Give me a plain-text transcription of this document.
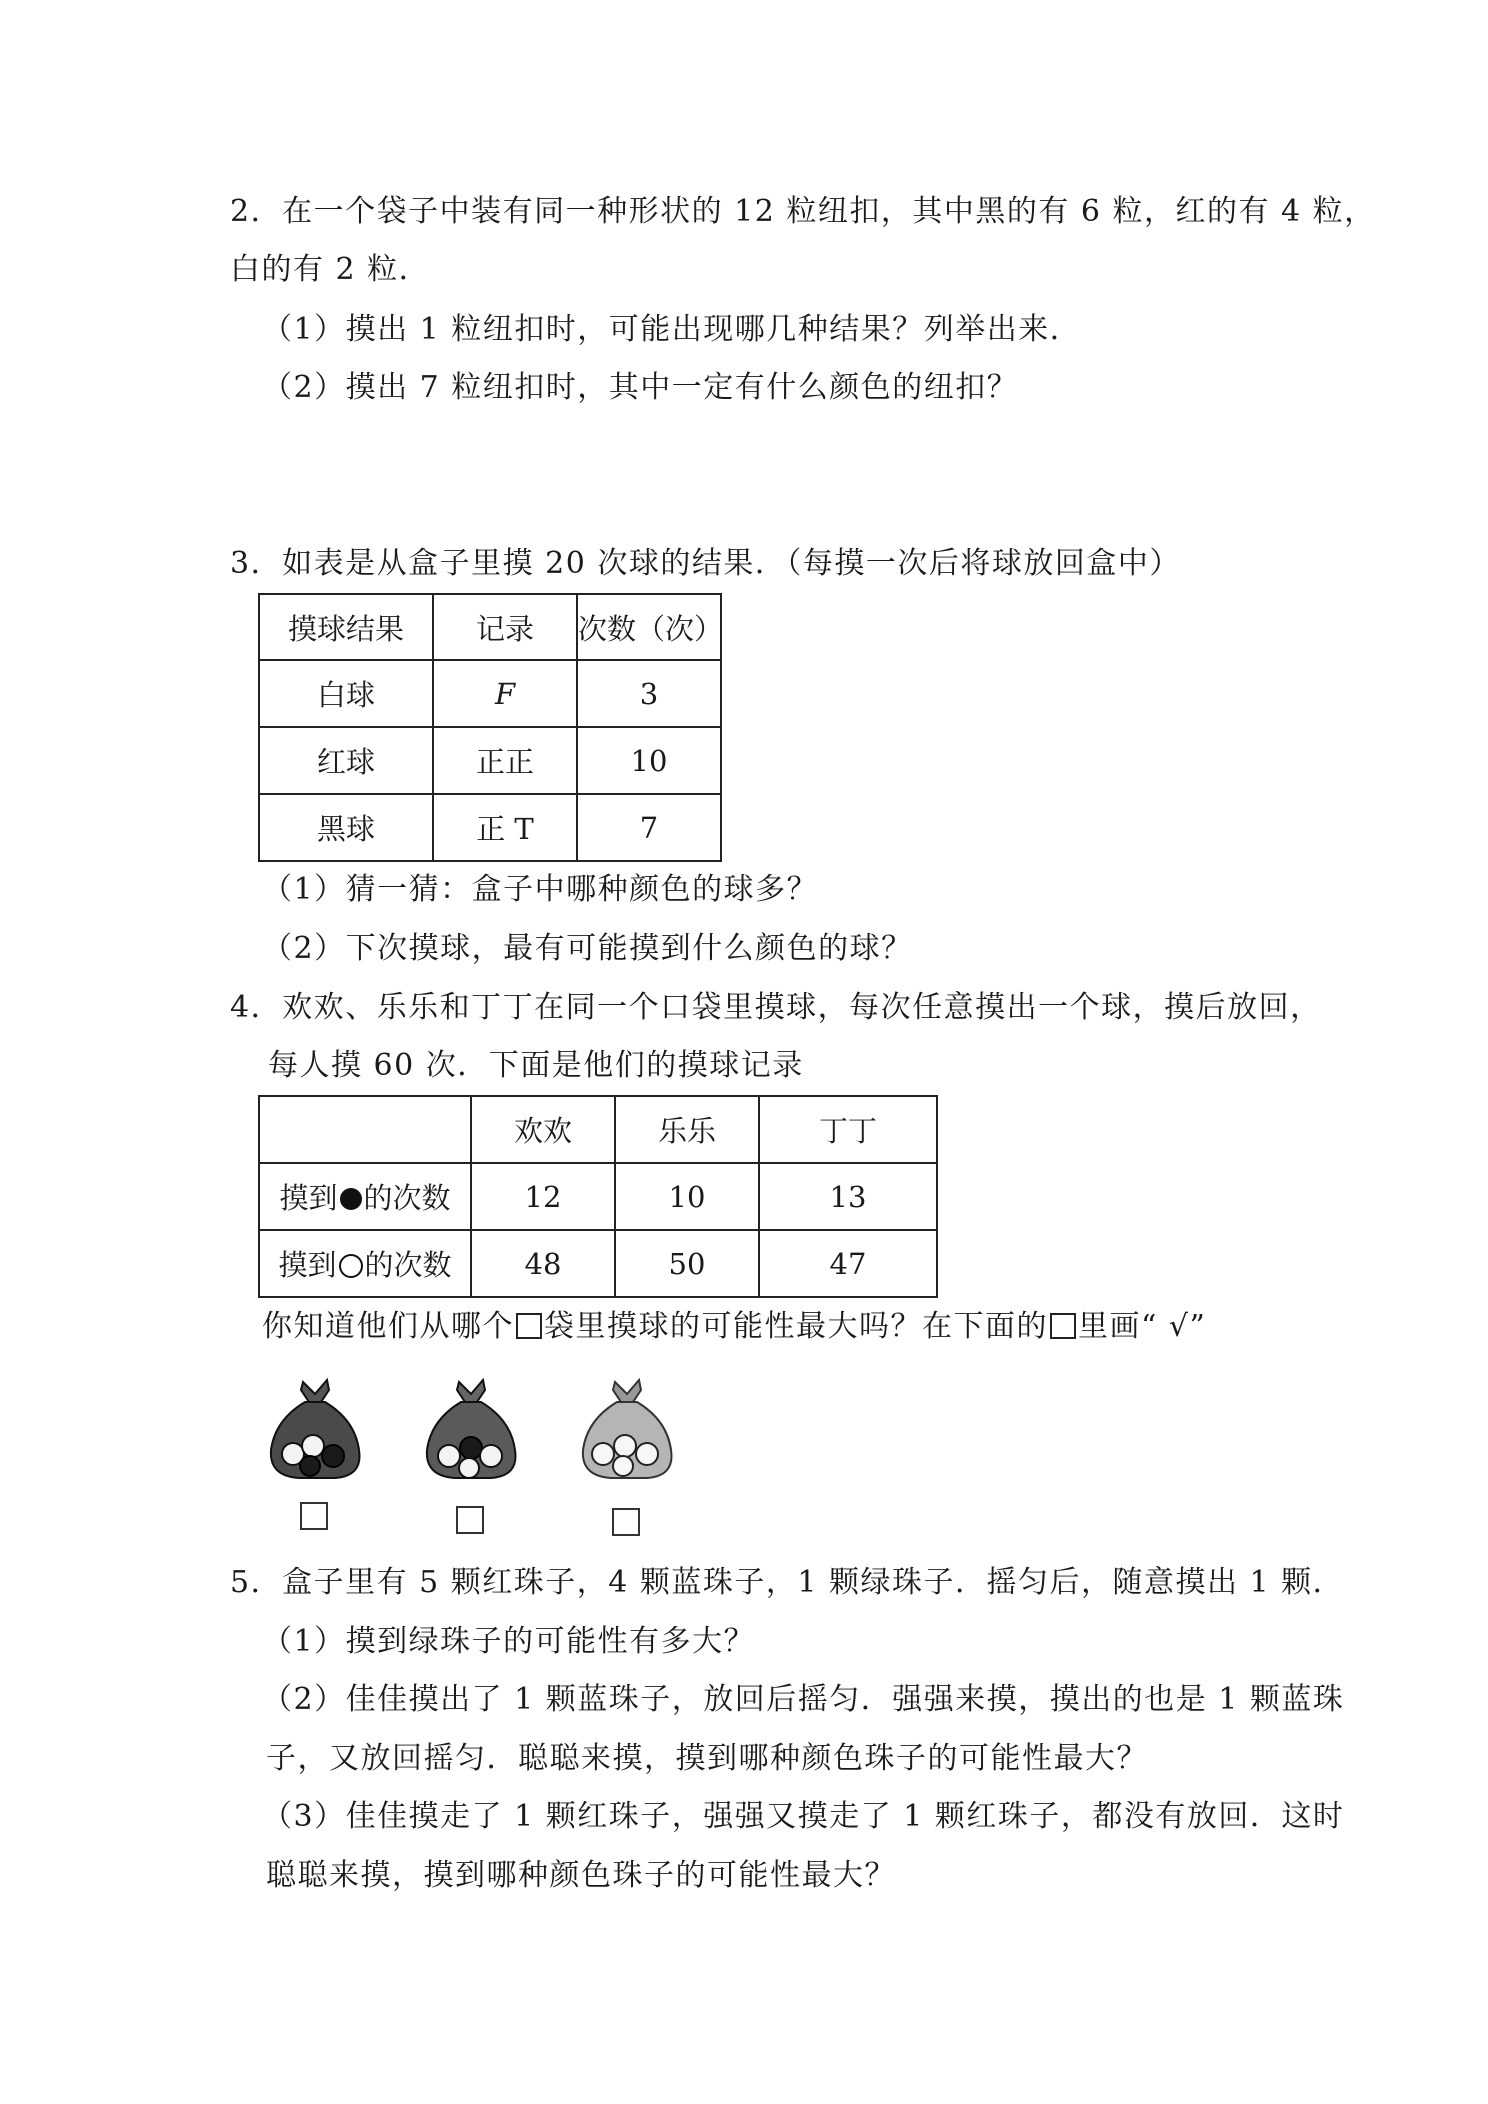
2．在一个袋子中装有同一种形状的 12 粒纽扣，其中黑的有 6 粒，红的有 4 粒，
白的有 2 粒．
（1）摸出 1 粒纽扣时，可能出现哪几种结果？列举出来．
（2）摸出 7 粒纽扣时，其中一定有什么颜色的纽扣？
3．如表是从盒子里摸 20 次球的结果．（每摸一次后将球放回盒中）
摸球结果	记录	次数（次）
白球	F	3
红球	正正	10
黑球	正 T	7
（1）猜一猜：盒子中哪种颜色的球多？
（2）下次摸球，最有可能摸到什么颜色的球？
4．欢欢、乐乐和丁丁在同一个口袋里摸球，每次任意摸出一个球，摸后放回，
每人摸 60 次．下面是他们的摸球记录
	欢欢	乐乐	丁丁
摸到 的次数	12	10	13
摸到 的次数	48	50	47
你知道他们从哪个 袋里摸球的可能性最大吗？在下面的 里画“ √”
5．盒子里有 5 颗红珠子，4 颗蓝珠子，1 颗绿珠子．摇匀后，随意摸出 1 颗．
（1）摸到绿珠子的可能性有多大？
（2）佳佳摸出了 1 颗蓝珠子，放回后摇匀．强强来摸，摸出的也是 1 颗蓝珠
子，又放回摇匀．聪聪来摸，摸到哪种颜色珠子的可能性最大？
（3）佳佳摸走了 1 颗红珠子，强强又摸走了 1 颗红珠子，都没有放回．这时
聪聪来摸，摸到哪种颜色珠子的可能性最大？
